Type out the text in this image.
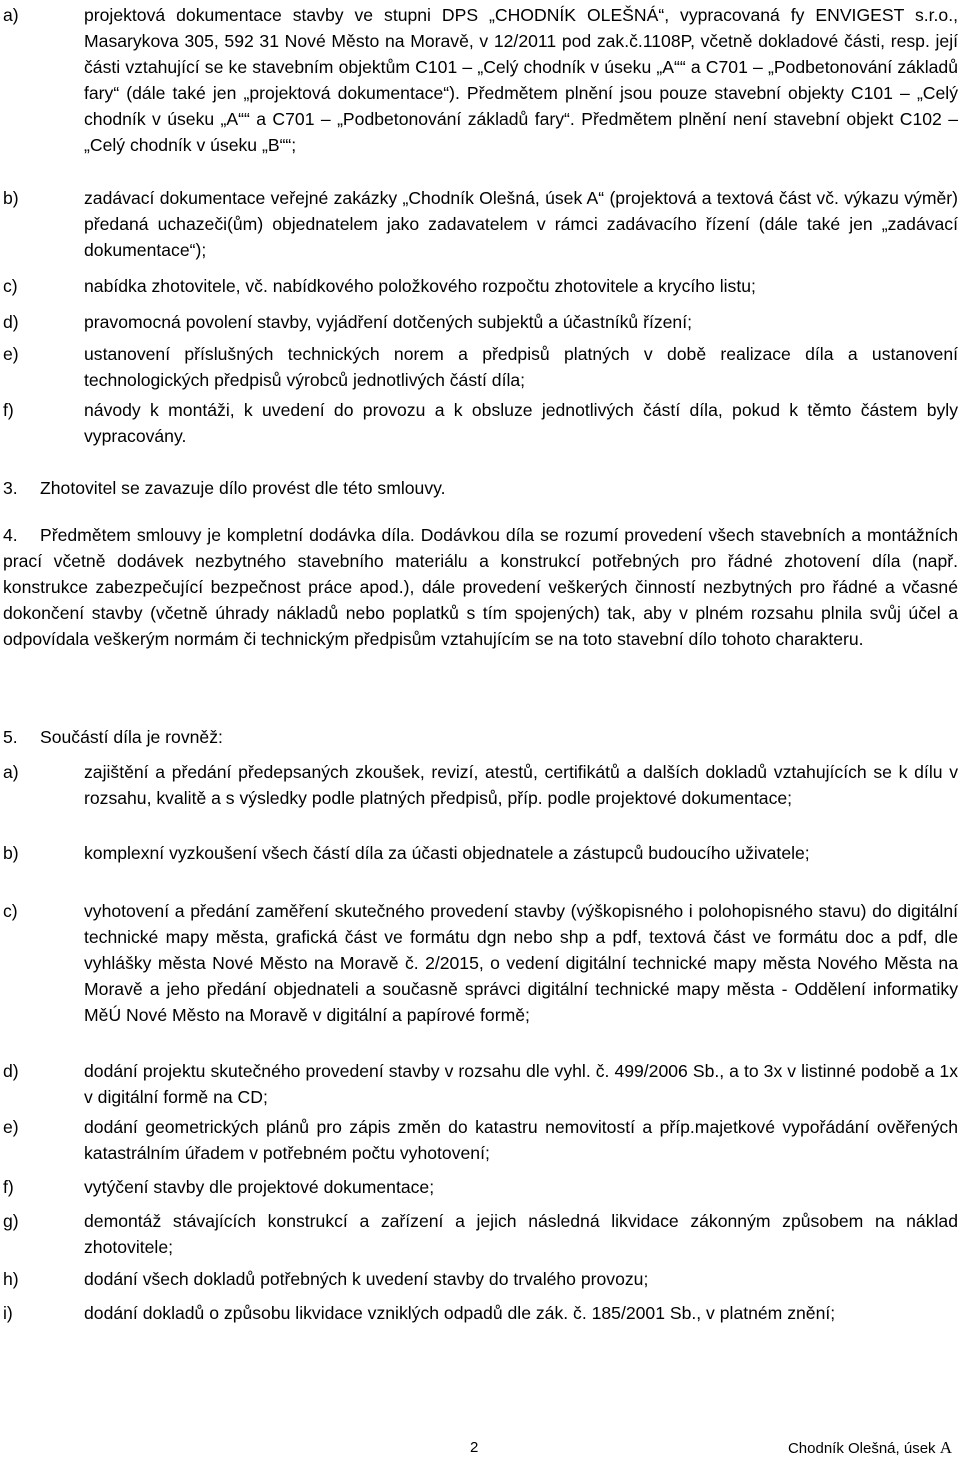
a)	projektová dokumentace stavby ve stupni DPS „CHODNÍK OLEŠNÁ“, vypracovaná fy ENVIGEST s.r.o., Masarykova 305, 592 31 Nové Město na Moravě, v 12/2011 pod zak.č.1108P, včetně dokladové části, resp. její části vztahující se ke stavebním objektům C101 – „Celý chodník v úseku „A““ a C701 – „Podbetonování základů fary“ (dále také jen „projektová dokumentace“). Předmětem plnění jsou pouze stavební objekty C101 – „Celý chodník v úseku „A““ a C701 – „Podbetonování základů fary“. Předmětem plnění není stavební objekt C102 – „Celý chodník v úseku „B““;
b)	zadávací dokumentace veřejné zakázky „Chodník Olešná, úsek A“ (projektová a textová část vč. výkazu výměr) předaná uchazeči(ům) objednatelem jako zadavatelem v rámci zadávacího řízení (dále také jen „zadávací dokumentace“);
c)	nabídka zhotovitele, vč. nabídkového položkového rozpočtu zhotovitele a krycího listu;
d)	pravomocná povolení stavby, vyjádření dotčených subjektů a účastníků řízení;
e)	ustanovení příslušných technických norem a předpisů platných v době realizace díla a ustanovení technologických předpisů výrobců jednotlivých částí díla;
f)	návody k montáži, k uvedení do provozu a k obsluze jednotlivých částí díla, pokud k těmto částem byly vypracovány.
3. Zhotovitel se zavazuje dílo provést dle této smlouvy.
4. Předmětem smlouvy je kompletní dodávka díla. Dodávkou díla se rozumí provedení všech stavebních a montážních prací včetně dodávek nezbytného stavebního materiálu a konstrukcí potřebných pro řádné zhotovení díla (např. konstrukce zabezpečující bezpečnost práce apod.), dále provedení veškerých činností nezbytných pro řádné a včasné dokončení stavby (včetně úhrady nákladů nebo poplatků s tím spojených) tak, aby v plném rozsahu plnila svůj účel a odpovídala veškerým normám či technickým předpisům vztahujícím se na toto stavební dílo tohoto charakteru.
5. Součástí díla je rovněž:
a)	zajištění a předání předepsaných zkoušek, revizí, atestů, certifikátů a dalších dokladů vztahujících se k dílu v rozsahu, kvalitě a s výsledky podle platných předpisů, příp. podle projektové dokumentace;
b)	komplexní vyzkoušení všech částí díla za účasti objednatele a zástupců budoucího uživatele;
c)	vyhotovení a předání zaměření skutečného provedení stavby (výškopisného i polohopisného stavu) do digitální technické mapy města, grafická část ve formátu dgn nebo shp a pdf, textová část ve formátu doc a pdf, dle vyhlášky města Nové Město na Moravě č. 2/2015, o vedení digitální technické mapy města Nového Města na Moravě a jeho předání objednateli a současně správci digitální technické mapy města - Oddělení informatiky MěÚ Nové Město na Moravě v digitální a papírové formě;
d)	dodání projektu skutečného provedení stavby v rozsahu dle vyhl. č. 499/2006 Sb., a to 3x v listinné podobě a 1x v digitální formě na CD;
e)	dodání geometrických plánů pro zápis změn do katastru nemovitostí a příp.majetkové vypořádání ověřených katastrálním úřadem v potřebném počtu vyhotovení;
f)	vytýčení stavby dle projektové dokumentace;
g)	demontáž stávajících konstrukcí a zařízení a jejich následná likvidace zákonným způsobem na náklad zhotovitele;
h)	dodání všech dokladů potřebných k uvedení stavby do trvalého provozu;
i)	dodání dokladů o způsobu likvidace vzniklých odpadů dle zák. č. 185/2001 Sb., v platném znění;
2	Chodník Olešná, úsek A
